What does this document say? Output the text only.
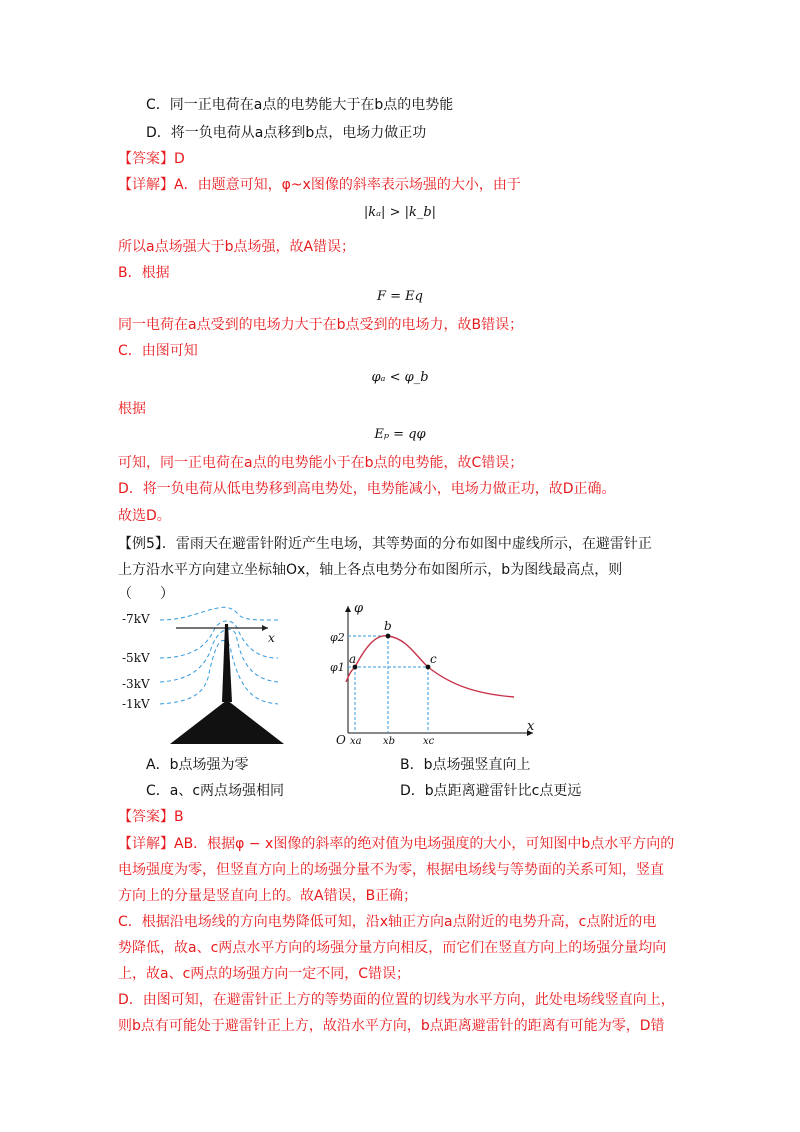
C．同一正电荷在a点的电势能大于在b点的电势能
D．将一负电荷从a点移到b点，电场力做正功
【答案】D
【详解】A．由题意可知，φ~x图像的斜率表示场强的大小，由于
|kₐ| > |k_b|
所以a点场强大于b点场强，故A错误；
B．根据
F = Eq
同一电荷在a点受到的电场力大于在b点受到的电场力，故B错误；
C．由图可知
φₐ < φ_b
根据
Eₚ = qφ
可知，同一正电荷在a点的电势能小于在b点的电势能，故C错误；
D．将一负电荷从低电势移到高电势处，电势能减小，电场力做正功，故D正确。
故选D。
【例5】．雷雨天在避雷针附近产生电场，其等势面的分布如图中虚线所示，在避雷针正
上方沿水平方向建立坐标轴Ox，轴上各点电势分布如图所示，b为图线最高点，则
（　　）
-7kV
-5kV
-3kV
-1kV
x
φ
x
O
φ2
φ1
a
b
c
xa xb	xc
A．b点场强为零	B．b点场强竖直向上
C．a、c两点场强相同	D．b点距离避雷针比c点更远
【答案】B
【详解】AB．根据φ − x图像的斜率的绝对值为电场强度的大小，可知图中b点水平方向的
电场强度为零，但竖直方向上的场强分量不为零，根据电场线与等势面的关系可知，竖直
方向上的分量是竖直向上的。故A错误，B正确；
C．根据沿电场线的方向电势降低可知，沿x轴正方向a点附近的电势升高，c点附近的电
势降低，故a、c两点水平方向的场强分量方向相反，而它们在竖直方向上的场强分量均向
上，故a、c两点的场强方向一定不同，C错误；
D．由图可知，在避雷针正上方的等势面的位置的切线为水平方向，此处电场线竖直向上，
则b点有可能处于避雷针正上方，故沿水平方向，b点距离避雷针的距离有可能为零，D错
